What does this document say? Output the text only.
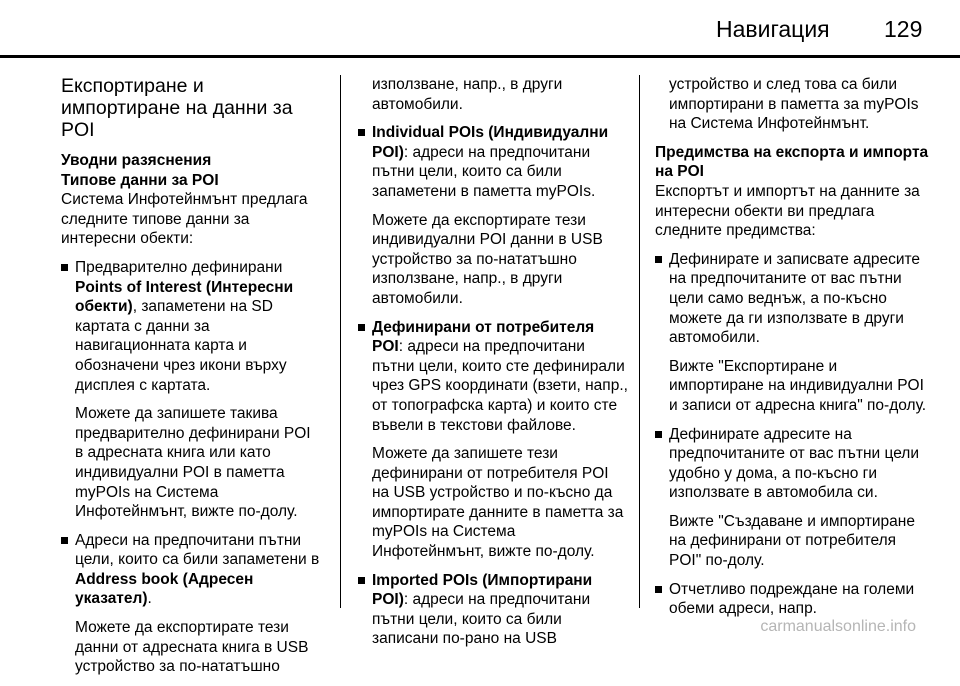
Навигация 129

Експортиране и импортиране на данни за POI

Уводни разяснения

Типове данни за POI

Система Инфотейнмънт предлага следните типове данни за интересни обекти:

Предварително дефинирани Points of Interest (Интересни обекти), запаметени на SD картата с данни за навигационната карта и обозначени чрез икони върху дисплея с картата.

Можете да запишете такива предварително дефинирани POI в адресната книга или като индивидуални POI в паметта myPOIs на Система Инфотейнмънт, вижте по-долу.

Адреси на предпочитани пътни цели, които са били запаметени в Address book (Адресен указател).

Можете да експортирате тези данни от адресната книга в USB устройство за по-нататъшно

използване, напр., в други автомобили.

Individual POIs (Индивидуални POI): адреси на предпочитани пътни цели, които са били запаметени в паметта myPOIs.

Можете да експортирате тези индивидуални POI данни в USB устройство за по-нататъшно използване, напр., в други автомобили.

Дефинирани от потребителя POI: адреси на предпочитани пътни цели, които сте дефинирали чрез GPS координати (взети, напр., от топографска карта) и които сте въвели в текстови файлове.

Можете да запишете тези дефинирани от потребителя POI на USB устройство и по-късно да импортирате данните в паметта за myPOIs на Система Инфотейнмънт, вижте по-долу.

Imported POIs (Импортирани POI): адреси на предпочитани пътни цели, които са били записани по-рано на USB

устройство и след това са били импортирани в паметта за myPOIs на Система Инфотейнмънт.

Предимства на експорта и импорта на POI

Експортът и импортът на данните за интересни обекти ви предлага следните предимства:

Дефинирате и записвате адресите на предпочитаните от вас пътни цели само веднъж, а по-късно можете да ги използвате в други автомобили.

Вижте "Експортиране и импортиране на индивидуални POI и записи от адресна книга" по-долу.

Дефинирате адресите на предпочитаните от вас пътни цели удобно у дома, а по-късно ги използвате в автомобила си.

Вижте "Създаване и импортиране на дефинирани от потребителя POI" по-долу.

Отчетливо подреждане на големи обеми адреси, напр.

carmanualsonline.info
